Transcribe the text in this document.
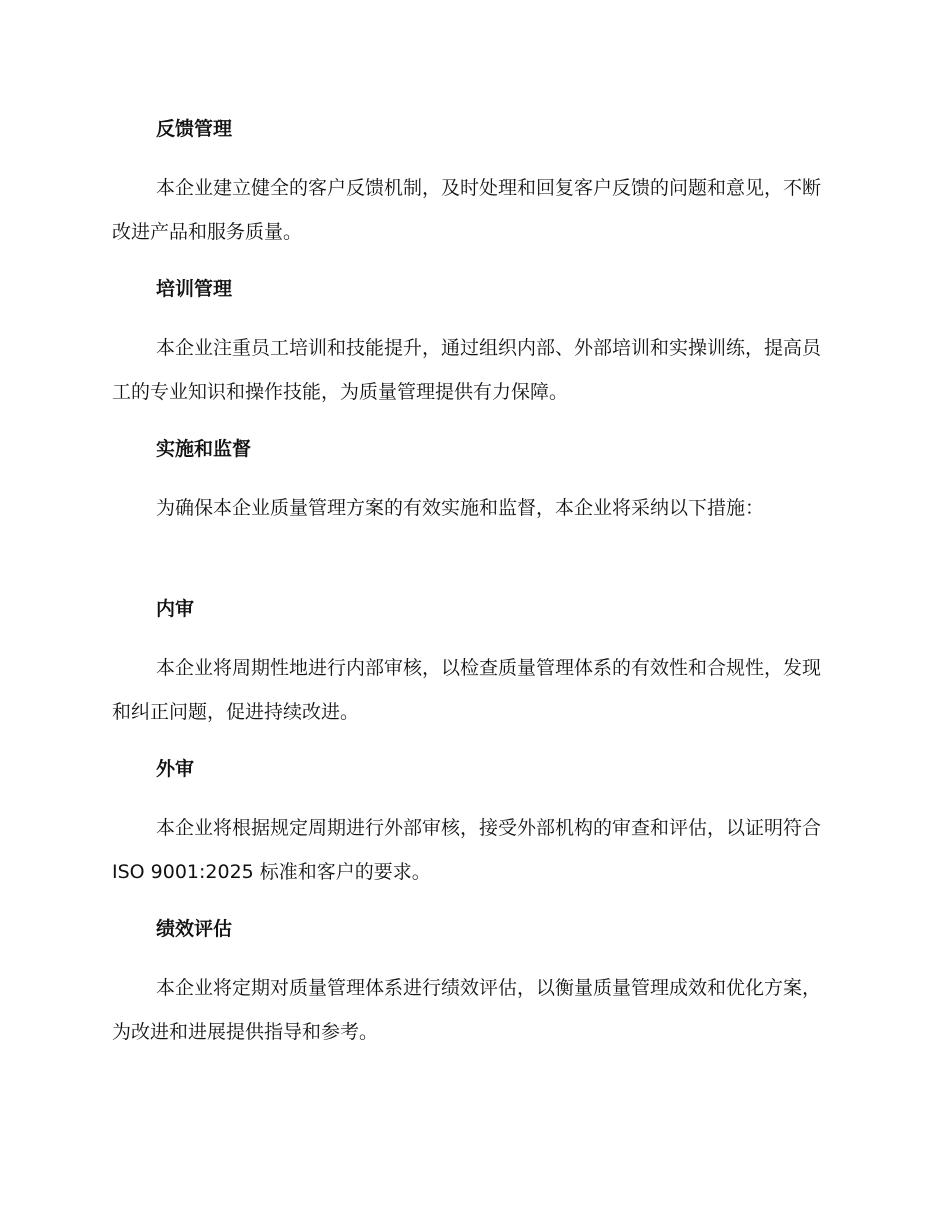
反馈管理

本企业建立健全的客户反馈机制，及时处理和回复客户反馈的问题和意见，不断改进产品和服务质量。

培训管理

本企业注重员工培训和技能提升，通过组织内部、外部培训和实操训练，提高员工的专业知识和操作技能，为质量管理提供有力保障。

实施和监督

为确保本企业质量管理方案的有效实施和监督，本企业将采纳以下措施：

内审

本企业将周期性地进行内部审核，以检查质量管理体系的有效性和合规性，发现和纠正问题，促进持续改进。

外审

本企业将根据规定周期进行外部审核，接受外部机构的审查和评估，以证明符合 ISO 9001:2025 标准和客户的要求。

绩效评估

本企业将定期对质量管理体系进行绩效评估，以衡量质量管理成效和优化方案，为改进和进展提供指导和参考。
